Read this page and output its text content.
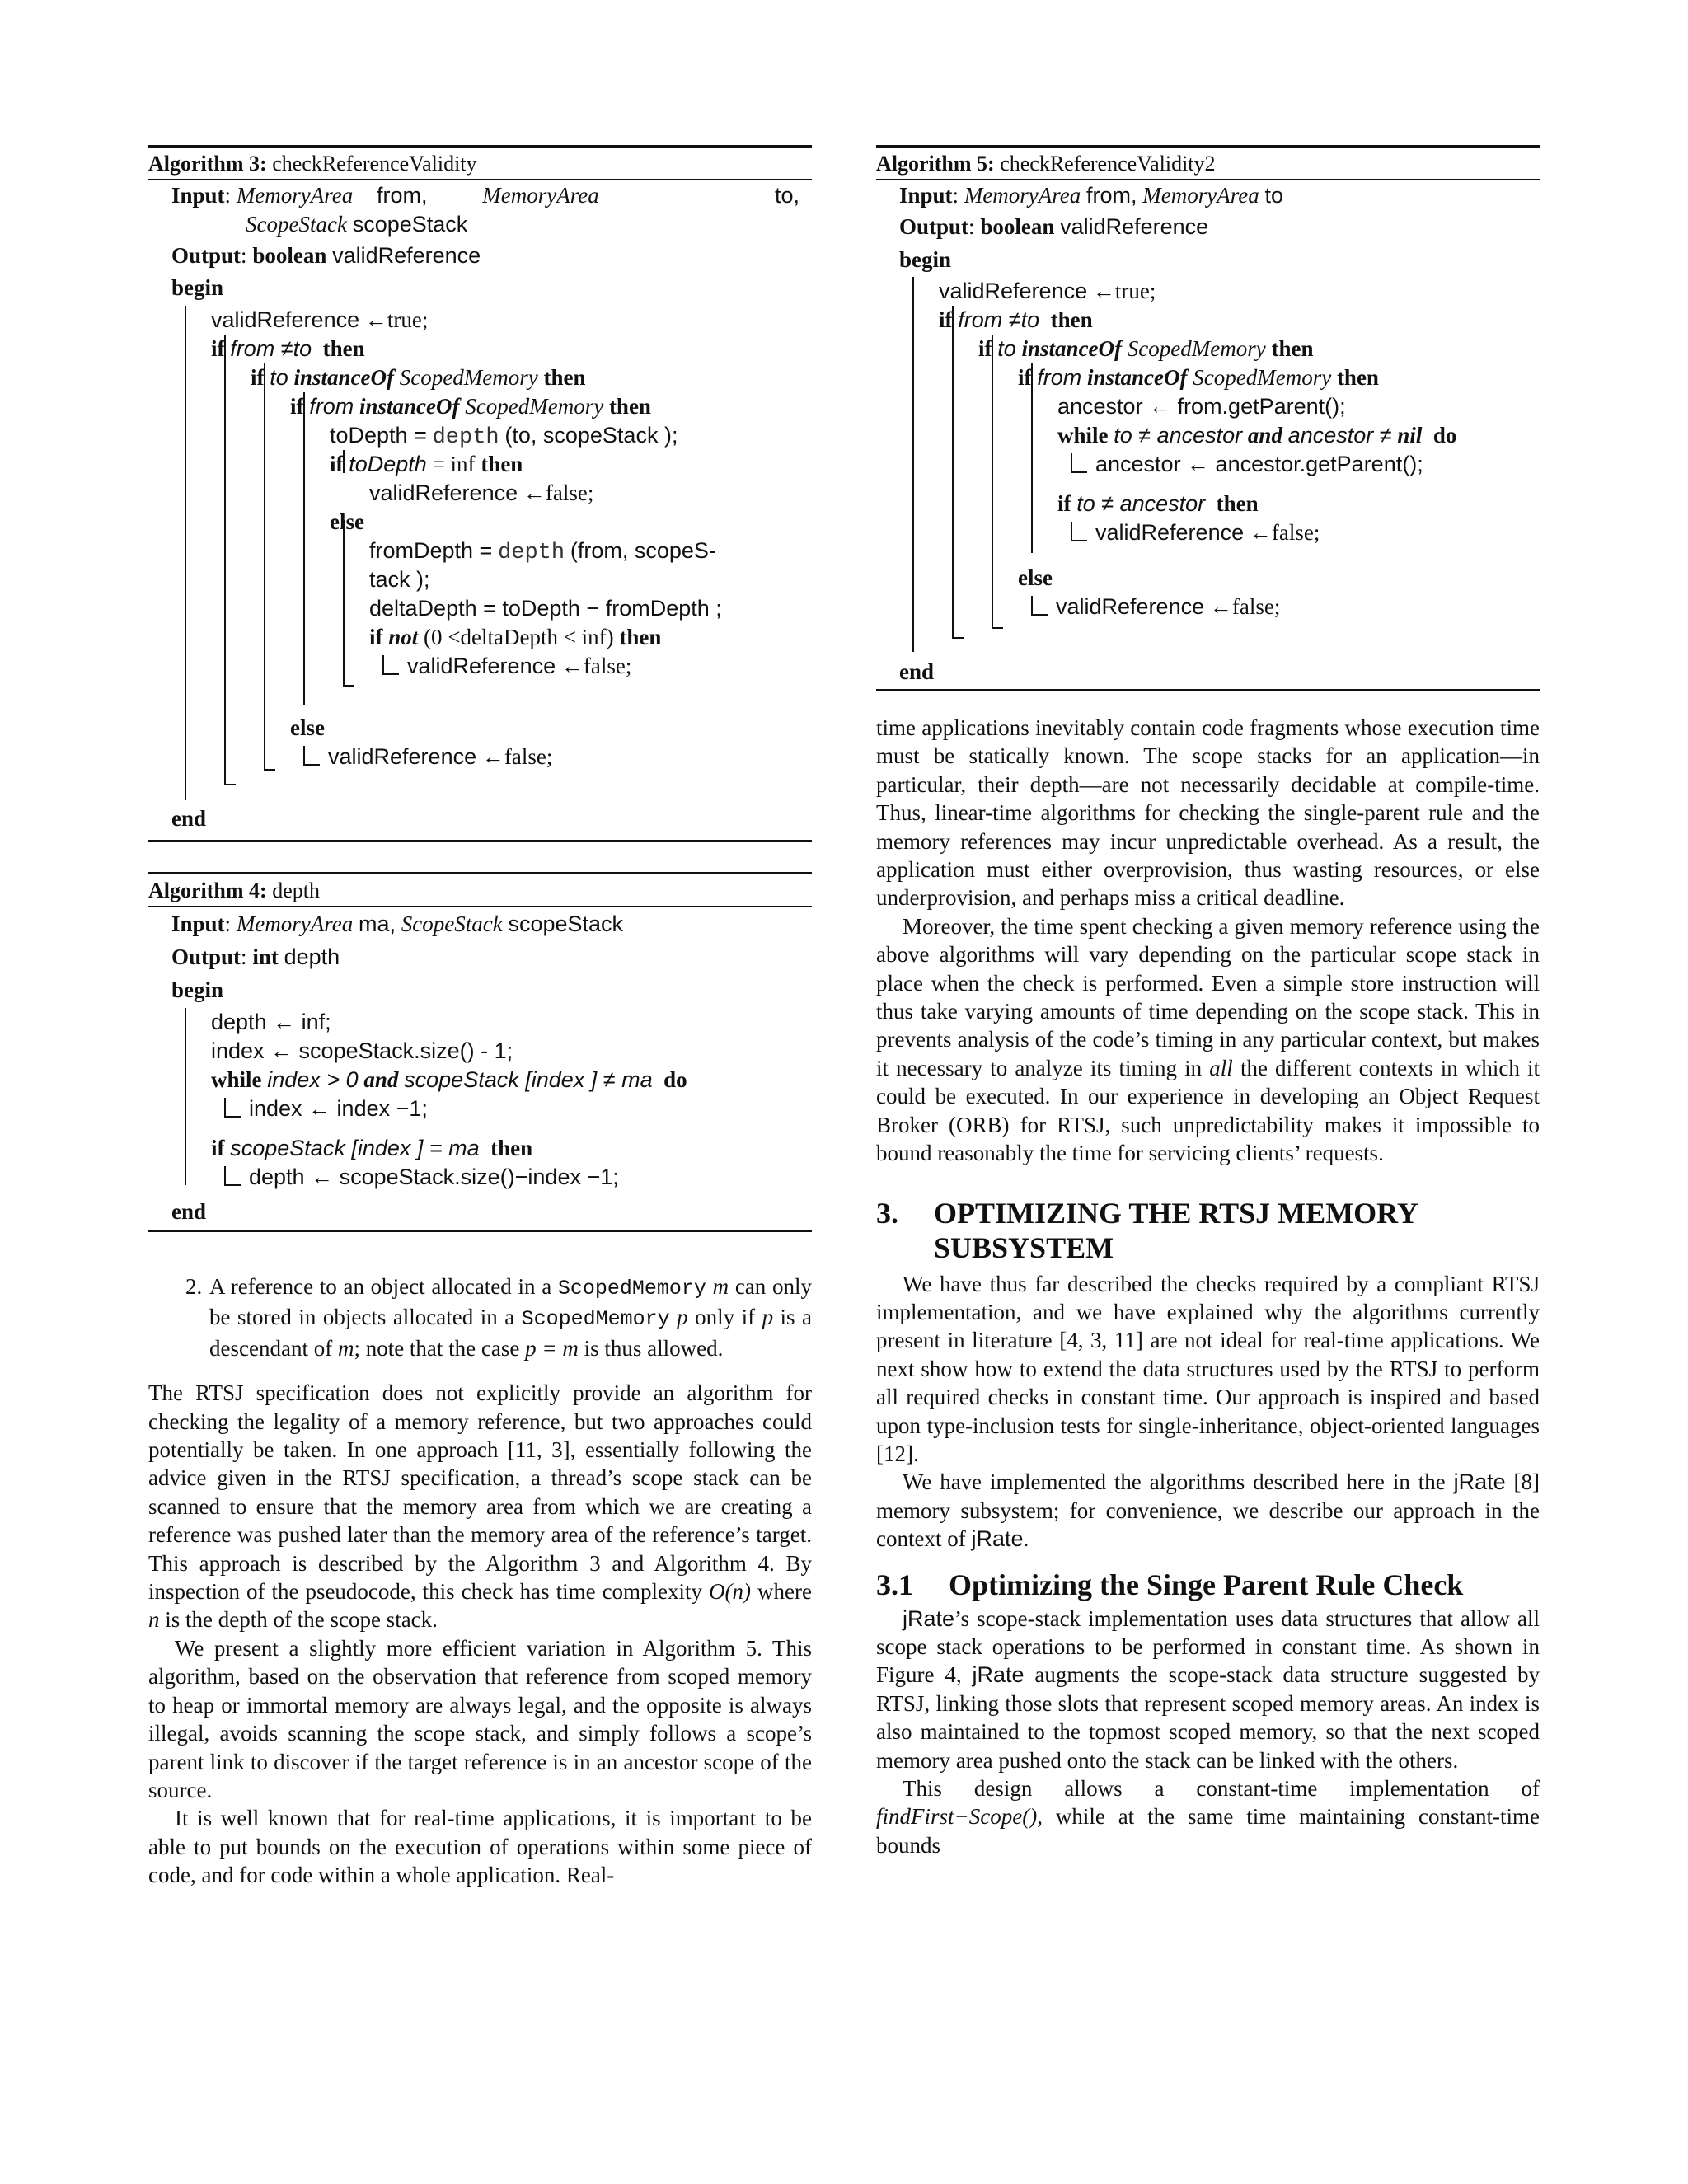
Algorithm 3: checkReferenceValidity
Input: MemoryArea from, MemoryArea	to,
ScopeStack scopeStack
Output: boolean validReference
begin
validReference ←true;
if from ≠to then
if to instanceOf ScopedMemory then
if from instanceOf ScopedMemory then
toDepth = depth (to, scopeStack );
if toDepth = inf then
validReference ←false;
else
fromDepth = depth (from, scopeS-
tack );
deltaDepth = toDepth − fromDepth ;
if not (0 <deltaDepth < inf) then
validReference ←false;
else
validReference ←false;
end
Algorithm 4: depth
Input: MemoryArea ma, ScopeStack scopeStack
Output: int depth
begin
depth ← inf;
index ← scopeStack.size() - 1;
while index > 0 and scopeStack [index ] ≠ ma do
index ← index −1;
if scopeStack [index ] = ma then
depth ← scopeStack.size()−index −1;
end
2. A reference to an object allocated in a ScopedMemory m can only be stored in objects allocated in a ScopedMemory p only if p is a descendant of m; note that the case p = m is thus allowed.

The RTSJ specification does not explicitly provide an algorithm for checking the legality of a memory reference, but two approaches could potentially be taken. In one approach [11, 3], essentially following the advice given in the RTSJ specification, a thread’s scope stack can be scanned to ensure that the memory area from which we are creating a reference was pushed later than the memory area of the reference’s target. This approach is described by the Algorithm 3 and Algorithm 4. By inspection of the pseudocode, this check has time complexity O(n) where n is the depth of the scope stack.

We present a slightly more efficient variation in Algorithm 5. This algorithm, based on the observation that reference from scoped memory to heap or immortal memory are always legal, and the opposite is always illegal, avoids scanning the scope stack, and simply follows a scope’s parent link to discover if the target reference is in an ancestor scope of the source.

It is well known that for real-time applications, it is important to be able to put bounds on the execution of operations within some piece of code, and for code within a whole application. Real-

Algorithm 5: checkReferenceValidity2
Input: MemoryArea from, MemoryArea to
Output: boolean validReference
begin
validReference ←true;
if from ≠to then
if to instanceOf ScopedMemory then
if from instanceOf ScopedMemory then
ancestor ← from.getParent();
while to ≠ ancestor and ancestor ≠ nil do
ancestor ← ancestor.getParent();
if to ≠ ancestor then
validReference ←false;
else
validReference ←false;
end

time applications inevitably contain code fragments whose execution time must be statically known. The scope stacks for an application—in particular, their depth—are not necessarily decidable at compile-time. Thus, linear-time algorithms for checking the single-parent rule and the memory references may incur unpredictable overhead. As a result, the application must either overprovision, thus wasting resources, or else underprovision, and perhaps miss a critical deadline.

Moreover, the time spent checking a given memory reference using the above algorithms will vary depending on the particular scope stack in place when the check is performed. Even a simple store instruction will thus take varying amounts of time depending on the scope stack. This in prevents analysis of the code’s timing in any particular context, but makes it necessary to analyze its timing in all the different contexts in which it could be executed. In our experience in developing an Object Request Broker (ORB) for RTSJ, such unpredictability makes it impossible to bound reasonably the time for servicing clients’ requests.

3. OPTIMIZING THE RTSJ MEMORY SUBSYSTEM

We have thus far described the checks required by a compliant RTSJ implementation, and we have explained why the algorithms currently present in literature [4, 3, 11] are not ideal for real-time applications. We next show how to extend the data structures used by the RTSJ to perform all required checks in constant time. Our approach is inspired and based upon type-inclusion tests for single-inheritance, object-oriented languages [12].

We have implemented the algorithms described here in the jRate [8] memory subsystem; for convenience, we describe our approach in the context of jRate.

3.1 Optimizing the Singe Parent Rule Check

jRate’s scope-stack implementation uses data structures that allow all scope stack operations to be performed in constant time. As shown in Figure 4, jRate augments the scope-stack data structure suggested by RTSJ, linking those slots that represent scoped memory areas. An index is also maintained to the topmost scoped memory, so that the next scoped memory area pushed onto the stack can be linked with the others.

This design allows a constant-time implementation of findFirst−Scope(), while at the same time maintaining constant-time bounds
